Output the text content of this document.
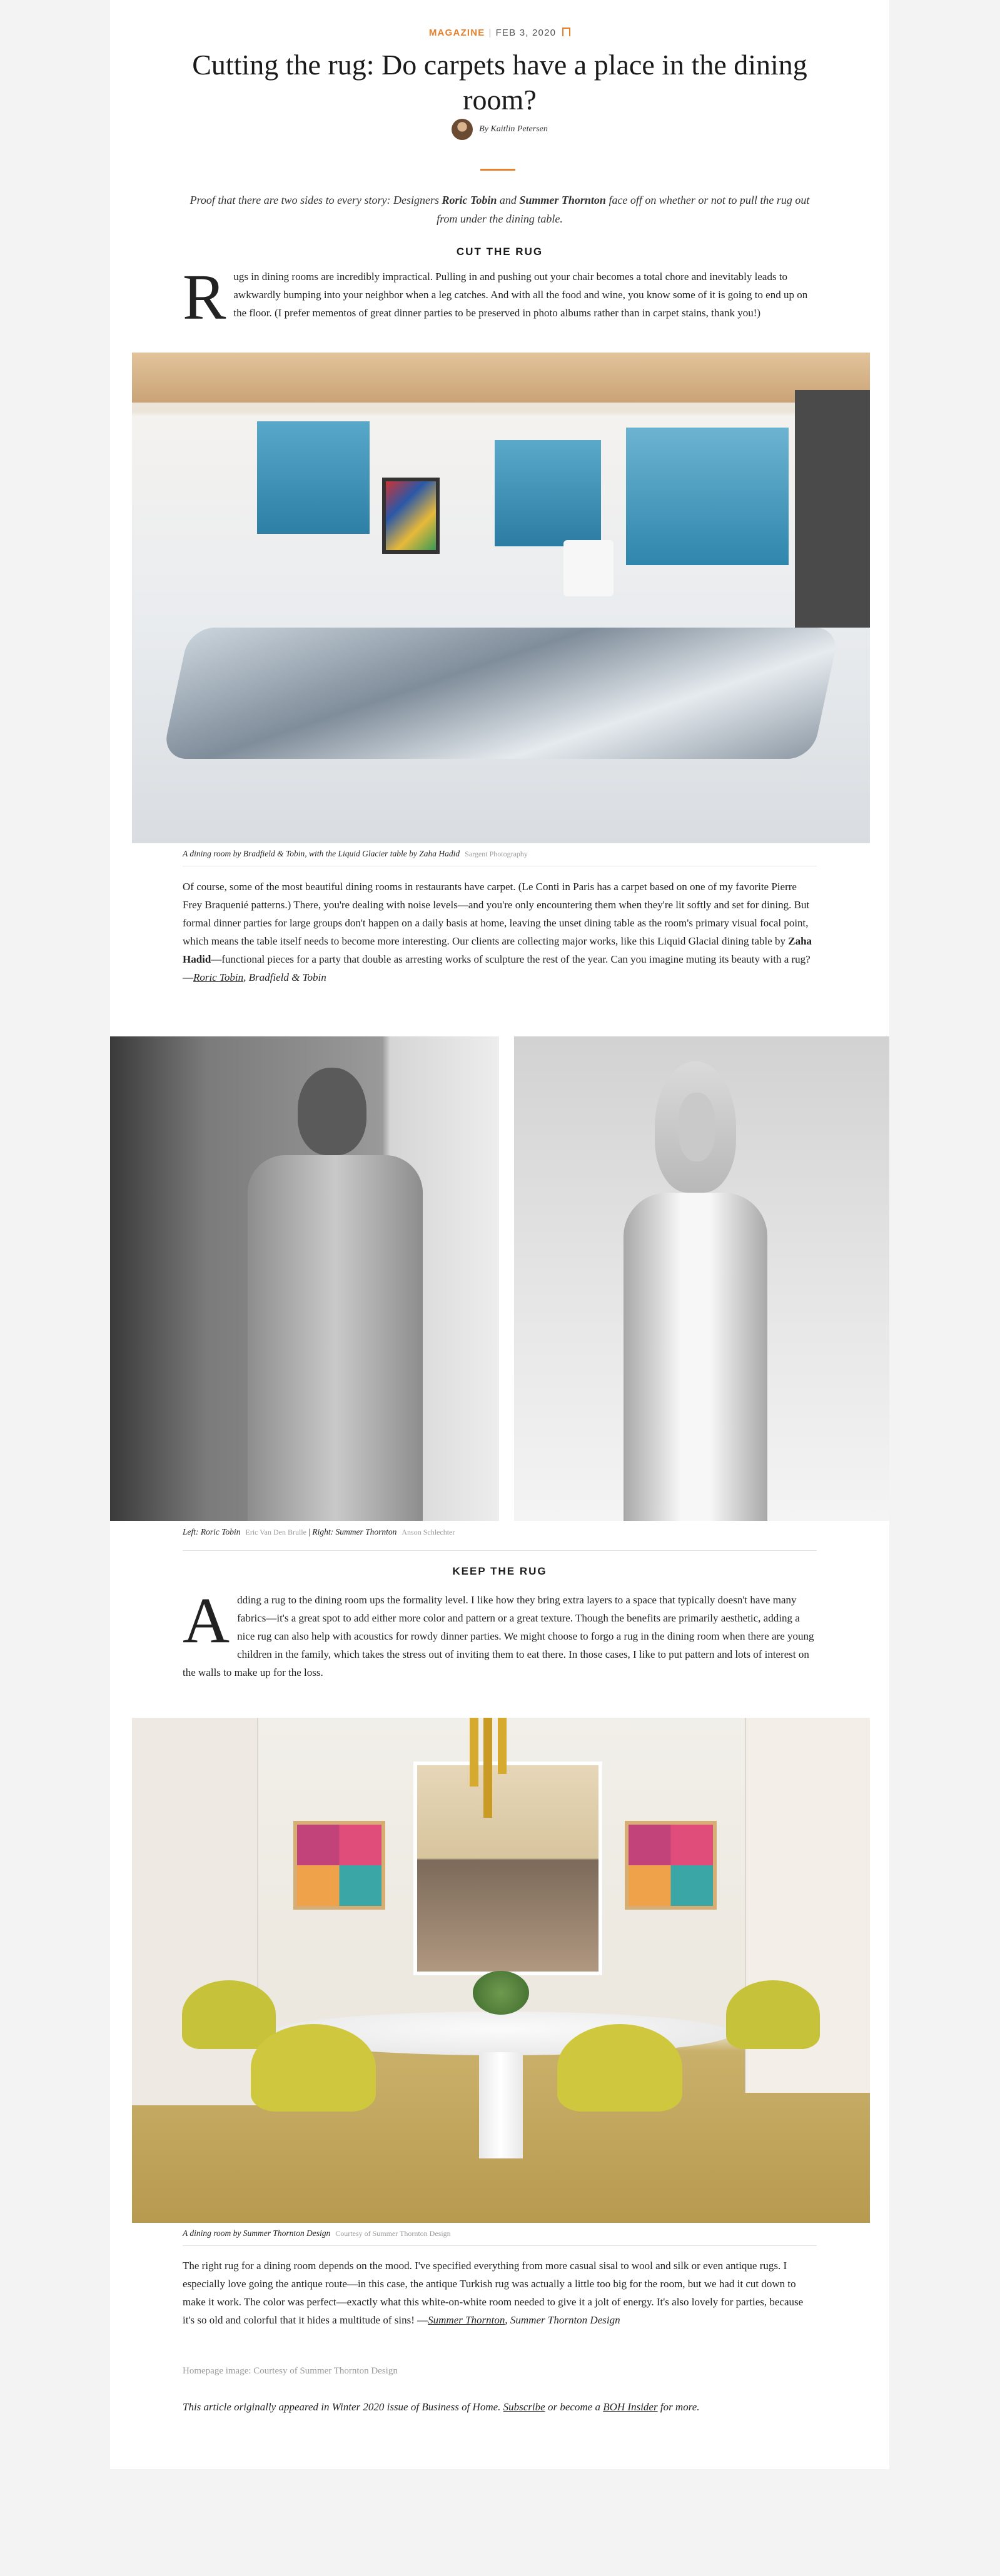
MAGAZINE | FEB 3, 2020
Cutting the rug: Do carpets have a place in the dining room?
By Kaitlin Petersen
Proof that there are two sides to every story: Designers Roric Tobin and Summer Thornton face off on whether or not to pull the rug out from under the dining table.
CUT THE RUG
Rugs in dining rooms are incredibly impractical. Pulling in and pushing out your chair becomes a total chore and inevitably leads to awkwardly bumping into your neighbor when a leg catches. And with all the food and wine, you know some of it is going to end up on the floor. (I prefer mementos of great dinner parties to be preserved in photo albums rather than in carpet stains, thank you!)
A dining room by Bradfield & Tobin, with the Liquid Glacier table by Zaha Hadid Sargent Photography
Of course, some of the most beautiful dining rooms in restaurants have carpet. (Le Conti in Paris has a carpet based on one of my favorite Pierre Frey Braquenié patterns.) There, you're dealing with noise levels—and you're only encountering them when they're lit softly and set for dining. But formal dinner parties for large groups don't happen on a daily basis at home, leaving the unset dining table as the room's primary visual focal point, which means the table itself needs to become more interesting. Our clients are collecting major works, like this Liquid Glacial dining table by Zaha Hadid—functional pieces for a party that double as arresting works of sculpture the rest of the year. Can you imagine muting its beauty with a rug? —Roric Tobin, Bradfield & Tobin
Left: Roric Tobin Eric Van Den Brulle | Right: Summer Thornton Anson Schlechter
KEEP THE RUG
Adding a rug to the dining room ups the formality level. I like how they bring extra layers to a space that typically doesn't have many fabrics—it's a great spot to add either more color and pattern or a great texture. Though the benefits are primarily aesthetic, adding a nice rug can also help with acoustics for rowdy dinner parties. We might choose to forgo a rug in the dining room when there are young children in the family, which takes the stress out of inviting them to eat there. In those cases, I like to put pattern and lots of interest on the walls to make up for the loss.
A dining room by Summer Thornton Design Courtesy of Summer Thornton Design
The right rug for a dining room depends on the mood. I've specified everything from more casual sisal to wool and silk or even antique rugs. I especially love going the antique route—in this case, the antique Turkish rug was actually a little too big for the room, but we had it cut down to make it work. The color was perfect—exactly what this white-on-white room needed to give it a jolt of energy. It's also lovely for parties, because it's so old and colorful that it hides a multitude of sins! —Summer Thornton, Summer Thornton Design
Homepage image: Courtesy of Summer Thornton Design
This article originally appeared in Winter 2020 issue of Business of Home. Subscribe or become a BOH Insider for more.
